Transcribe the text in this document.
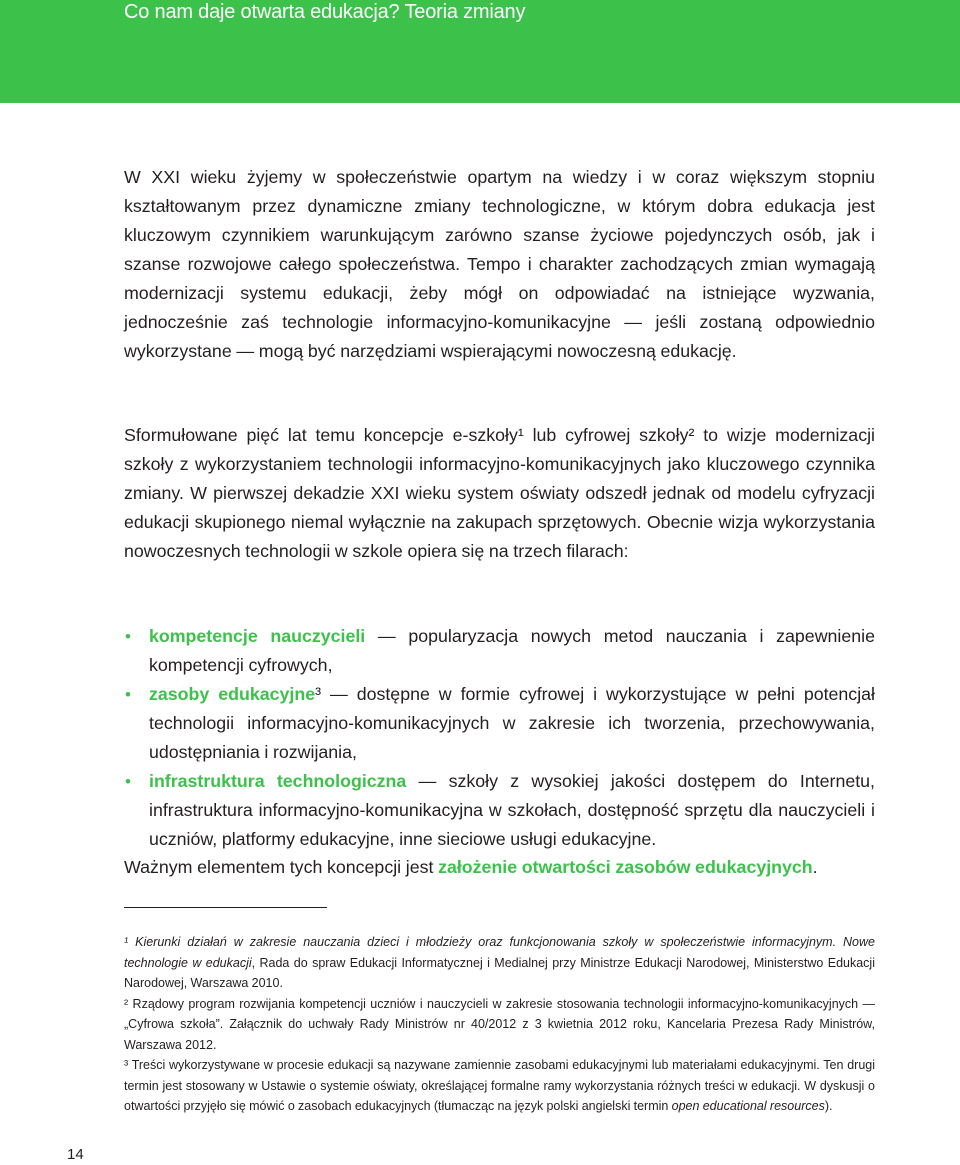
Co nam daje otwarta edukacja? Teoria zmiany

W XXI wieku żyjemy w społeczeństwie opartym na wiedzy i w coraz większym stopniu kształtowanym przez dynamiczne zmiany technologiczne, w którym dobra edukacja jest kluczowym czynnikiem warunkującym zarówno szanse życiowe pojedynczych osób, jak i szanse rozwojowe całego społeczeństwa. Tempo i charakter zachodzących zmian wymagają modernizacji systemu edukacji, żeby mógł on odpowiadać na istniejące wyzwania, jednocześnie zaś technologie informacyjno-komunikacyjne — jeśli zostaną odpowiednio wykorzystane — mogą być narzędziami wspierającymi nowoczesną edukację.

Sformułowane pięć lat temu koncepcje e-szkoły¹ lub cyfrowej szkoły² to wizje modernizacji szkoły z wykorzystaniem technologii informacyjno-komunikacyjnych jako kluczowego czynnika zmiany. W pierwszej dekadzie XXI wieku system oświaty odszedł jednak od modelu cyfryzacji edukacji skupionego niemal wyłącznie na zakupach sprzętowych. Obecnie wizja wykorzystania nowoczesnych technologii w szkole opiera się na trzech filarach:

• kompetencje nauczycieli — popularyzacja nowych metod nauczania i zapewnienie kompetencji cyfrowych,
• zasoby edukacyjne³ — dostępne w formie cyfrowej i wykorzystujące w pełni potencjał technologii informacyjno-komunikacyjnych w zakresie ich tworzenia, przechowywania, udostępniania i rozwijania,
• infrastruktura technologiczna — szkoły z wysokiej jakości dostępem do Internetu, infrastruktura informacyjno-komunikacyjna w szkołach, dostępność sprzętu dla nauczycieli i uczniów, platformy edukacyjne, inne sieciowe usługi edukacyjne.

Ważnym elementem tych koncepcji jest założenie otwartości zasobów edukacyjnych.

¹ Kierunki działań w zakresie nauczania dzieci i młodzieży oraz funkcjonowania szkoły w społeczeństwie informacyjnym. Nowe technologie w edukacji, Rada do spraw Edukacji Informatycznej i Medialnej przy Ministrze Edukacji Narodowej, Ministerstwo Edukacji Narodowej, Warszawa 2010.

² Rządowy program rozwijania kompetencji uczniów i nauczycieli w zakresie stosowania technologii informacyjno-komunikacyjnych — „Cyfrowa szkoła”. Załącznik do uchwały Rady Ministrów nr 40/2012 z 3 kwietnia 2012 roku, Kancelaria Prezesa Rady Ministrów, Warszawa 2012.

³ Treści wykorzystywane w procesie edukacji są nazywane zamiennie zasobami edukacyjnymi lub materiałami edukacyjnymi. Ten drugi termin jest stosowany w Ustawie o systemie oświaty, określającej formalne ramy wykorzystania różnych treści w edukacji. W dyskusji o otwartości przyjęło się mówić o zasobach edukacyjnych (tłumacząc na język polski angielski termin open educational resources).

14
